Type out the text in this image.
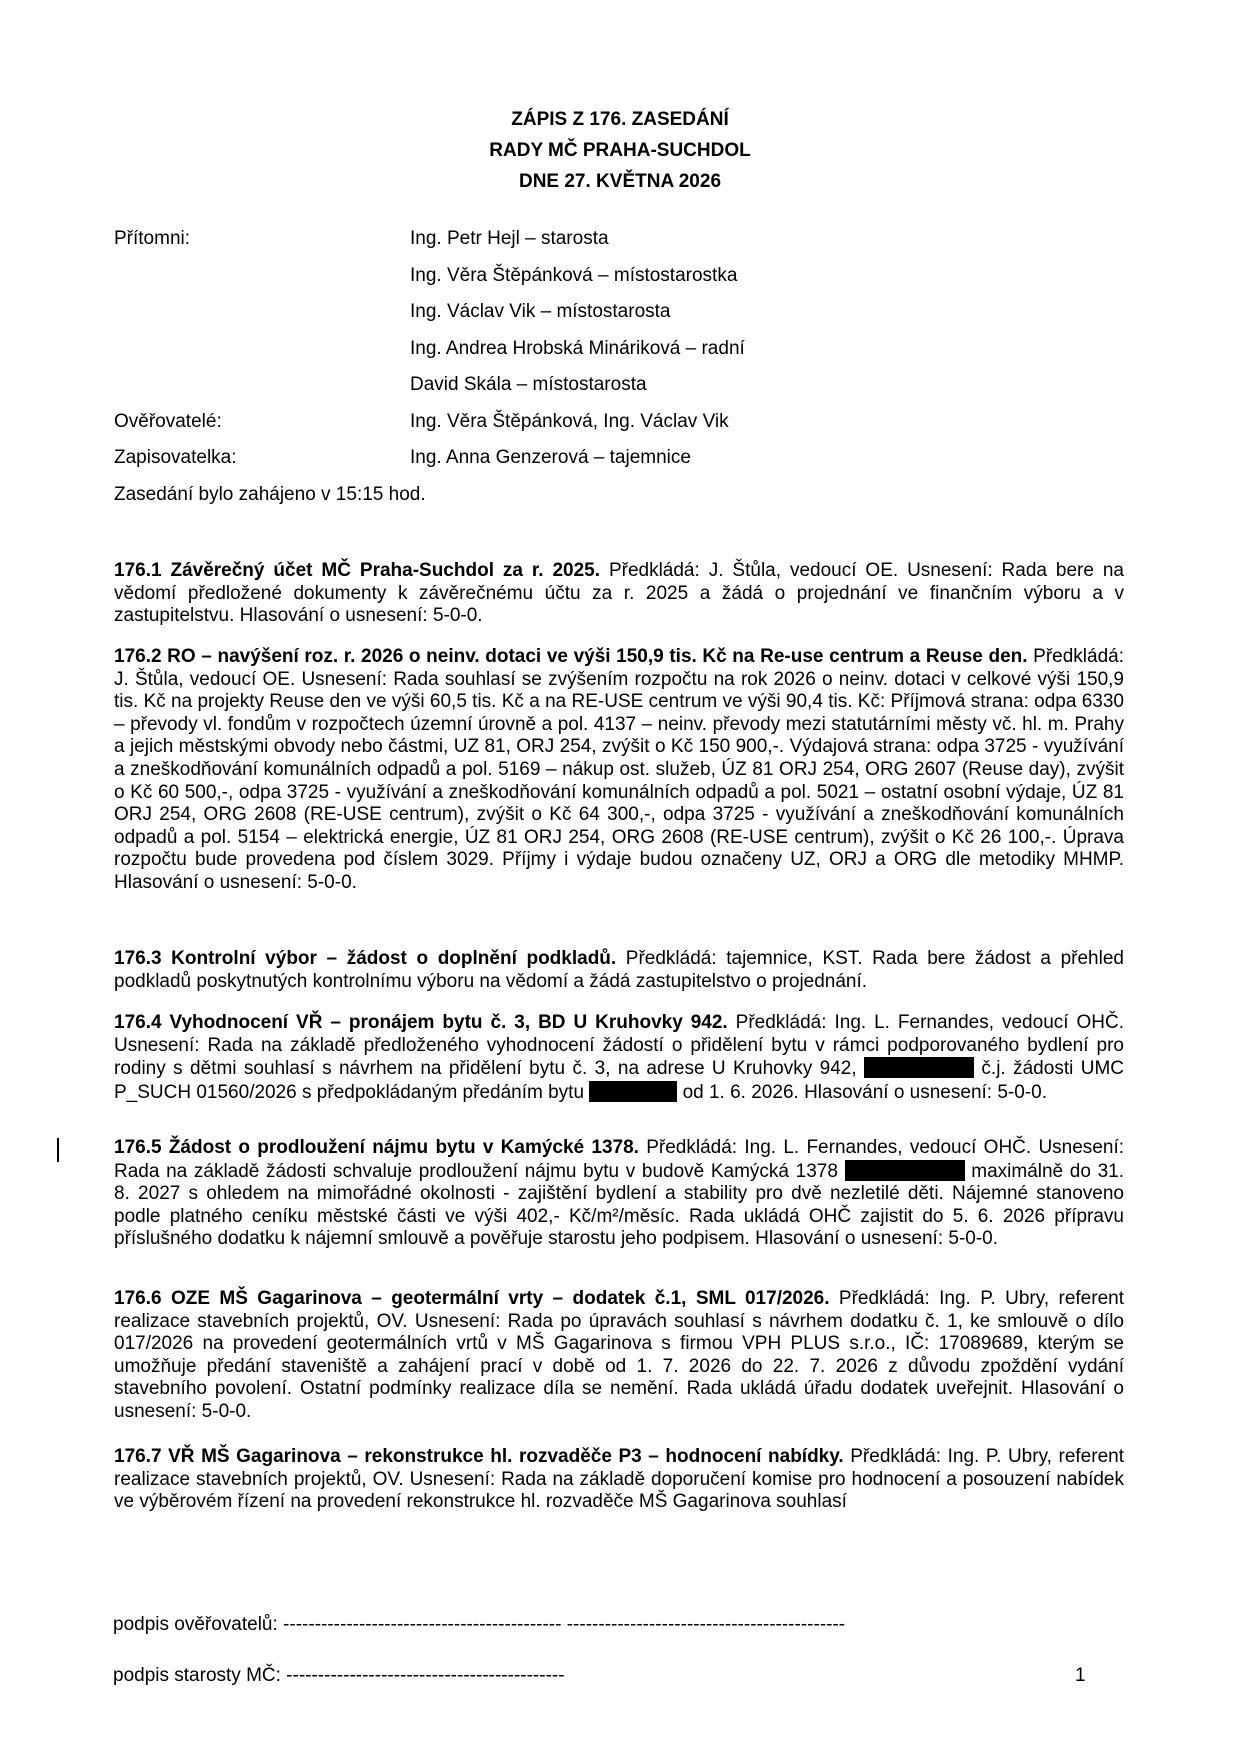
ZÁPIS Z 176. ZASEDÁNÍ
RADY MČ PRAHA-SUCHDOL
DNE 27. KVĚTNA 2026
Přítomni:	Ing. Petr Hejl – starosta
Ing. Věra Štěpánková – místostarostka
Ing. Václav Vik – místostarosta
Ing. Andrea Hrobská Mináriková – radní
David Skála – místostarosta
Ověřovatelé:	Ing. Věra Štěpánková, Ing. Václav Vik
Zapisovatelka:	Ing. Anna Genzerová – tajemnice
Zasedání bylo zahájeno v 15:15 hod.

176.1 Závěrečný účet MČ Praha-Suchdol za r. 2025. Předkládá: J. Štůla, vedoucí OE. Usnesení: Rada bere na vědomí předložené dokumenty k závěrečnému účtu za r. 2025 a žádá o projednání ve finančním výboru a v zastupitelstvu. Hlasování o usnesení: 5-0-0.

176.2 RO – navýšení roz. r. 2026 o neinv. dotaci ve výši 150,9 tis. Kč na Re-use centrum a Reuse den. Předkládá: J. Štůla, vedoucí OE. Usnesení: Rada souhlasí se zvýšením rozpočtu na rok 2026 o neinv. dotaci v celkové výši 150,9 tis. Kč na projekty Reuse den ve výši 60,5 tis. Kč a na RE-USE centrum ve výši 90,4 tis. Kč: Příjmová strana: odpa 6330 – převody vl. fondům v rozpočtech územní úrovně a pol. 4137 – neinv. převody mezi statutárními městy vč. hl. m. Prahy a jejich městskými obvody nebo částmi, UZ 81, ORJ 254, zvýšit o Kč 150 900,-. Výdajová strana: odpa 3725 - využívání a zneškodňování komunálních odpadů a pol. 5169 – nákup ost. služeb, ÚZ 81 ORJ 254, ORG 2607 (Reuse day), zvýšit o Kč 60 500,-, odpa 3725 - využívání a zneškodňování komunálních odpadů a pol. 5021 – ostatní osobní výdaje, ÚZ 81 ORJ 254, ORG 2608 (RE-USE centrum), zvýšit o Kč 64 300,-, odpa 3725 - využívání a zneškodňování komunálních odpadů a pol. 5154 – elektrická energie, ÚZ 81 ORJ 254, ORG 2608 (RE-USE centrum), zvýšit o Kč 26 100,-. Úprava rozpočtu bude provedena pod číslem 3029. Příjmy i výdaje budou označeny UZ, ORJ a ORG dle metodiky MHMP. Hlasování o usnesení: 5-0-0.

176.3 Kontrolní výbor – žádost o doplnění podkladů. Předkládá: tajemnice, KST. Rada bere žádost a přehled podkladů poskytnutých kontrolnímu výboru na vědomí a žádá zastupitelstvo o projednání.

176.4 Vyhodnocení VŘ – pronájem bytu č. 3, BD U Kruhovky 942. Předkládá: Ing. L. Fernandes, vedoucí OHČ. Usnesení: Rada na základě předloženého vyhodnocení žádostí o přidělení bytu v rámci podporovaného bydlení pro rodiny s dětmi souhlasí s návrhem na přidělení bytu č. 3, na adrese U Kruhovky 942,	č.j. žádosti UMC P_SUCH 01560/2026 s předpokládaným předáním bytu	od 1. 6. 2026. Hlasování o usnesení: 5-0-0.

176.5 Žádost o prodloužení nájmu bytu v Kamýcké 1378. Předkládá: Ing. L. Fernandes, vedoucí OHČ. Usnesení: Rada na základě žádosti schvaluje prodloužení nájmu bytu v budově Kamýcká 1378	maximálně do 31. 8. 2027 s ohledem na mimořádné okolnosti - zajištění bydlení a stability pro dvě nezletilé děti. Nájemné stanoveno podle platného ceníku městské části ve výši 402,- Kč/m²/měsíc. Rada ukládá OHČ zajistit do 5. 6. 2026 přípravu příslušného dodatku k nájemní smlouvě a pověřuje starostu jeho podpisem. Hlasování o usnesení: 5-0-0.

176.6 OZE MŠ Gagarinova – geotermální vrty – dodatek č.1, SML 017/2026. Předkládá: Ing. P. Ubry, referent realizace stavebních projektů, OV. Usnesení: Rada po úpravách souhlasí s návrhem dodatku č. 1, ke smlouvě o dílo 017/2026 na provedení geotermálních vrtů v MŠ Gagarinova s firmou VPH PLUS s.r.o., IČ: 17089689, kterým se umožňuje předání staveniště a zahájení prací v době od 1. 7. 2026 do 22. 7. 2026 z důvodu zpoždění vydání stavebního povolení. Ostatní podmínky realizace díla se nemění. Rada ukládá úřadu dodatek uveřejnit. Hlasování o usnesení: 5-0-0.

176.7 VŘ MŠ Gagarinova – rekonstrukce hl. rozvaděče P3 – hodnocení nabídky. Předkládá: Ing. P. Ubry, referent realizace stavebních projektů, OV. Usnesení: Rada na základě doporučení komise pro hodnocení a posouzení nabídek ve výběrovém řízení na provedení rekonstrukce hl. rozvaděče MŠ Gagarinova souhlasí

podpis ověřovatelů: -------------------------------------------- --------------------------------------------
podpis starosty MČ: --------------------------------------------	1
